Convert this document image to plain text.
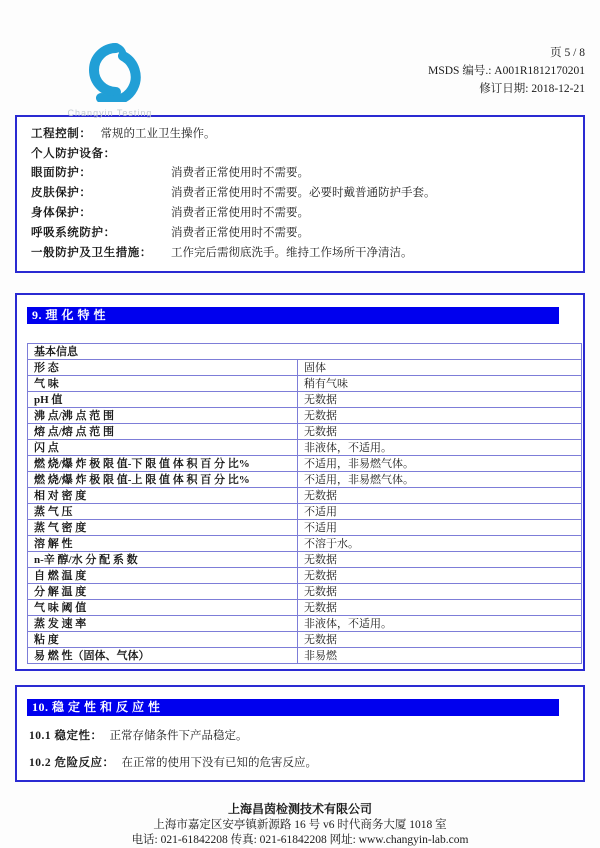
Changyin Testing
页 5 / 8
MSDS 编号.: A001R1812170201
修订日期: 2018-12-21
工程控制： 常规的工业卫生操作。
个人防护设备：
眼面防护：	消费者正常使用时不需要。
皮肤保护：	消费者正常使用时不需要。必要时戴普通防护手套。
身体保护：	消费者正常使用时不需要。
呼吸系统防护：	消费者正常使用时不需要。
一般防护及卫生措施：	工作完后需彻底洗手。维持工作场所干净清洁。
9. 理 化 特 性
基本信息	
形 态	固体
气 味	稍有气味
pH 值	无数据
沸 点/沸 点 范 围	无数据
熔 点/熔 点 范 围	无数据
闪 点	非液体，不适用。
燃 烧/爆 炸 极 限 值-下 限 值 体 积 百 分 比%	不适用，非易燃气体。
燃 烧/爆 炸 极 限 值-上 限 值 体 积 百 分 比%	不适用，非易燃气体。
相 对 密 度	无数据
蒸 气 压	不适用
蒸 气 密 度	不适用
溶 解 性	不溶于水。
n-辛 醇/水 分 配 系 数	无数据
自 燃 温 度	无数据
分 解 温 度	无数据
气 味 阈 值	无数据
蒸 发 速 率	非液体，不适用。
粘 度	无数据
易 燃 性（固体、气体）	非易燃
10. 稳 定 性 和 反 应 性

10.1 稳定性： 正常存储条件下产品稳定。

10.2 危险反应： 在正常的使用下没有已知的危害反应。

上海昌茵检测技术有限公司
上海市嘉定区安亭镇新源路 16 号 v6 时代商务大厦 1018 室
电话: 021-61842208 传真: 021-61842208 网址: www.changyin-lab.com
